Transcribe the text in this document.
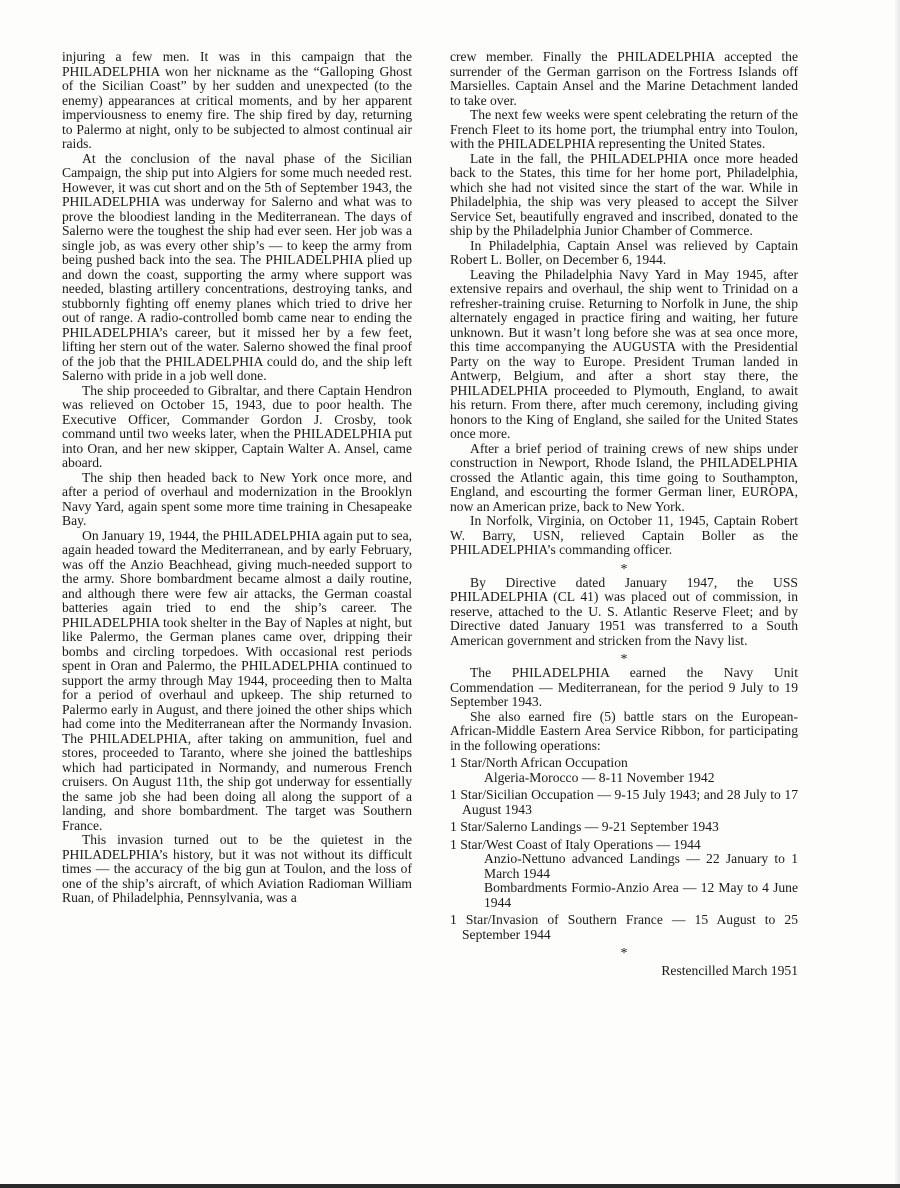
injuring a few men. It was in this campaign that the PHILADELPHIA won her nickname as the “Galloping Ghost of the Sicilian Coast” by her sudden and unexpected (to the enemy) appearances at critical moments, and by her apparent imperviousness to enemy fire. The ship fired by day, returning to Palermo at night, only to be subjected to almost continual air raids.

At the conclusion of the naval phase of the Sicilian Campaign, the ship put into Algiers for some much needed rest. However, it was cut short and on the 5th of September 1943, the PHILADELPHIA was underway for Salerno and what was to prove the bloodiest landing in the Mediterranean. The days of Salerno were the toughest the ship had ever seen. Her job was a single job, as was every other ship’s — to keep the army from being pushed back into the sea. The PHILADELPHIA plied up and down the coast, supporting the army where support was needed, blasting artillery concentrations, destroying tanks, and stubbornly fighting off enemy planes which tried to drive her out of range. A radio-controlled bomb came near to ending the PHILADELPHIA’s career, but it missed her by a few feet, lifting her stern out of the water. Salerno showed the final proof of the job that the PHILADELPHIA could do, and the ship left Salerno with pride in a job well done.

The ship proceeded to Gibraltar, and there Captain Hendron was relieved on October 15, 1943, due to poor health. The Executive Officer, Commander Gordon J. Crosby, took command until two weeks later, when the PHILADELPHIA put into Oran, and her new skipper, Captain Walter A. Ansel, came aboard.

The ship then headed back to New York once more, and after a period of overhaul and modernization in the Brooklyn Navy Yard, again spent some more time training in Chesapeake Bay.

On January 19, 1944, the PHILADELPHIA again put to sea, again headed toward the Mediterranean, and by early February, was off the Anzio Beachhead, giving much-needed support to the army. Shore bombardment became almost a daily routine, and although there were few air attacks, the German coastal batteries again tried to end the ship’s career. The PHILADELPHIA took shelter in the Bay of Naples at night, but like Palermo, the German planes came over, dripping their bombs and circling torpedoes. With occasional rest periods spent in Oran and Palermo, the PHILADELPHIA continued to support the army through May 1944, proceeding then to Malta for a period of overhaul and upkeep. The ship returned to Palermo early in August, and there joined the other ships which had come into the Mediterranean after the Normandy Invasion. The PHILADELPHIA, after taking on ammunition, fuel and stores, proceeded to Taranto, where she joined the battleships which had participated in Normandy, and numerous French cruisers. On August 11th, the ship got underway for essentially the same job she had been doing all along the support of a landing, and shore bombardment. The target was Southern France.

This invasion turned out to be the quietest in the PHILADELPHIA’s history, but it was not without its difficult times — the accuracy of the big gun at Toulon, and the loss of one of the ship’s aircraft, of which Aviation Radioman William Ruan, of Philadelphia, Pennsylvania, was a

crew member. Finally the PHILADELPHIA accepted the surrender of the German garrison on the Fortress Islands off Marsielles. Captain Ansel and the Marine Detachment landed to take over.

The next few weeks were spent celebrating the return of the French Fleet to its home port, the triumphal entry into Toulon, with the PHILADELPHIA representing the United States.

Late in the fall, the PHILADELPHIA once more headed back to the States, this time for her home port, Philadelphia, which she had not visited since the start of the war. While in Philadelphia, the ship was very pleased to accept the Silver Service Set, beautifully engraved and inscribed, donated to the ship by the Philadelphia Junior Chamber of Commerce.

In Philadelphia, Captain Ansel was relieved by Captain Robert L. Boller, on December 6, 1944.

Leaving the Philadelphia Navy Yard in May 1945, after extensive repairs and overhaul, the ship went to Trinidad on a refresher-training cruise. Returning to Norfolk in June, the ship alternately engaged in practice firing and waiting, her future unknown. But it wasn’t long before she was at sea once more, this time accompanying the AUGUSTA with the Presidential Party on the way to Europe. President Truman landed in Antwerp, Belgium, and after a short stay there, the PHILADELPHIA proceeded to Plymouth, England, to await his return. From there, after much ceremony, including giving honors to the King of England, she sailed for the United States once more.

After a brief period of training crews of new ships under construction in Newport, Rhode Island, the PHILADELPHIA crossed the Atlantic again, this time going to Southampton, England, and escourting the former German liner, EUROPA, now an American prize, back to New York.

In Norfolk, Virginia, on October 11, 1945, Captain Robert W. Barry, USN, relieved Captain Boller as the PHILADELPHIA’s commanding officer.

*

By Directive dated January 1947, the USS PHILADELPHIA (CL 41) was placed out of commission, in reserve, attached to the U. S. Atlantic Reserve Fleet; and by Directive dated January 1951 was transferred to a South American government and stricken from the Navy list.

*

The PHILADELPHIA earned the Navy Unit Commendation — Mediterranean, for the period 9 July to 19 September 1943.

She also earned fire (5) battle stars on the European-African-Middle Eastern Area Service Ribbon, for participating in the following operations:

1 Star/North African Occupation
Algeria-Morocco — 8-11 November 1942
1 Star/Sicilian Occupation — 9-15 July 1943; and 28 July to 17 August 1943
1 Star/Salerno Landings — 9-21 September 1943
1 Star/West Coast of Italy Operations — 1944
Anzio-Nettuno advanced Landings — 22 January to 1 March 1944
Bombardments Formio-Anzio Area — 12 May to 4 June 1944
1 Star/Invasion of Southern France — 15 August to 25 September 1944
*
Restencilled March 1951
